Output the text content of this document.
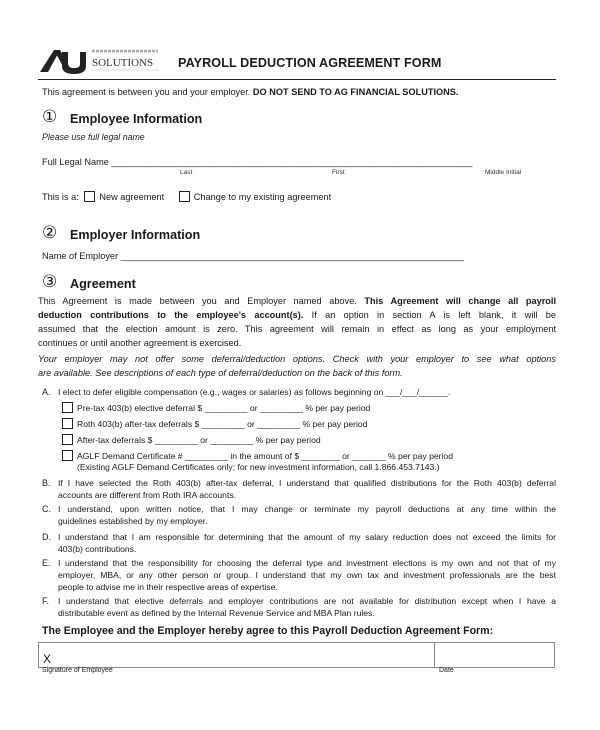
SOLUTIONS PAYROLL DEDUCTION AGREEMENT FORM
This agreement is between you and your employer. DO NOT SEND TO AG FINANCIAL SOLUTIONS.
① Employee Information
Please use full legal name
Full Legal Name ___________________________________________________________________________
Last	First	Middle Initial
This is a: New agreement	Change to my existing agreement
② Employer Information
Name of Employer ____________________________________________________________________________
③ Agreement
This Agreement is made between you and Employer named above. This Agreement will change all payroll
deduction contributions to the employee's account(s). If an option in section A is left blank, it will be
assumed that the election amount is zero. This agreement will remain in effect as long as your employment
continues or until another agreement is exercised.
Your employer may not offer some deferral/deduction options. Check with your employer to see what options
are available. See descriptions of each type of deferral/deduction on the back of this form.
A. I elect to defer eligible compensation (e.g., wages or salaries) as follows beginning on ___/___/______.
Pre-tax 403(b) elective deferral $ _________ or _________ % per pay period
Roth 403(b) after-tax deferrals $ _________ or _________ % per pay period
After-tax deferrals $ _________ or _________ % per pay period
AGLF Demand Certificate # _________ in the amount of $ ________ or _______ % per pay period
(Existing AGLF Demand Certificates only; for new investment information, call 1.866.453.7143.)
B. If I have selected the Roth 403(b) after-tax deferral, I understand that qualified distributions for the Roth 403(b) deferral
accounts are different from Roth IRA accounts.
C. I understand, upon written notice, that I may change or terminate my payroll deductions at any time within the
guidelines established by my employer.
D. I understand that I am responsible for determining that the amount of my salary reduction does not exceed the limits for
403(b) contributions.
E. I understand that the responsibility for choosing the deferral type and investment elections is my own and not that of my
employer, MBA, or any other person or group. I understand that my own tax and investment professionals are the best
people to advise me in their respective areas of expertise.
F. I understand that elective deferrals and employer contributions are not available for distribution except when I have a
distributable event as defined by the Internal Revenue Service and MBA Plan rules.
The Employee and the Employer hereby agree to this Payroll Deduction Agreement Form:
X
Signature of Employee	Date
